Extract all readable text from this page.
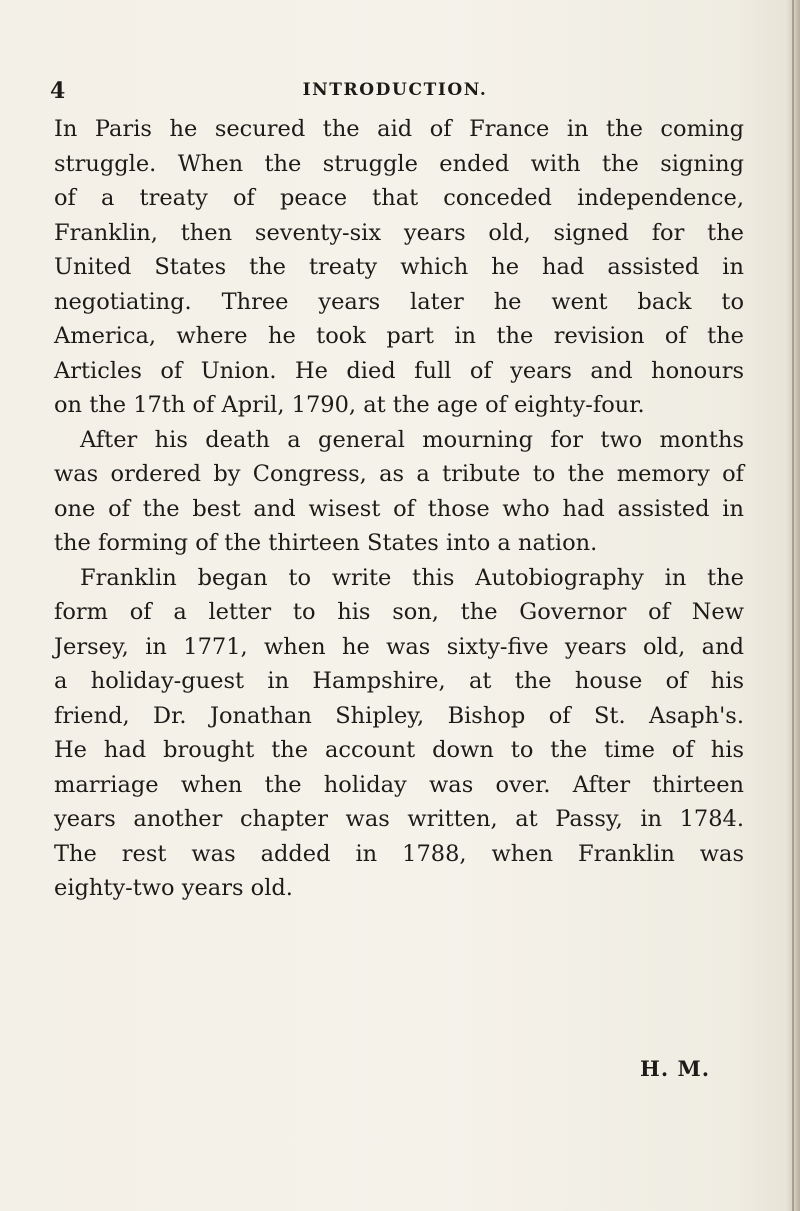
4	INTRODUCTION.
In Paris he secured the aid of France in the coming
struggle. When the struggle ended with the signing
of a treaty of peace that conceded independence,
Franklin, then seventy-six years old, signed for the
United States the treaty which he had assisted in
negotiating. Three years later he went back to
America, where he took part in the revision of the
Articles of Union. He died full of years and honours
on the 17th of April, 1790, at the age of eighty-four.
After his death a general mourning for two months
was ordered by Congress, as a tribute to the memory of
one of the best and wisest of those who had assisted in
the forming of the thirteen States into a nation.
Franklin began to write this Autobiography in the
form of a letter to his son, the Governor of New
Jersey, in 1771, when he was sixty-five years old, and
a holiday-guest in Hampshire, at the house of his
friend, Dr. Jonathan Shipley, Bishop of St. Asaph's.
He had brought the account down to the time of his
marriage when the holiday was over. After thirteen
years another chapter was written, at Passy, in 1784.
The rest was added in 1788, when Franklin was
eighty-two years old.
H. M.
